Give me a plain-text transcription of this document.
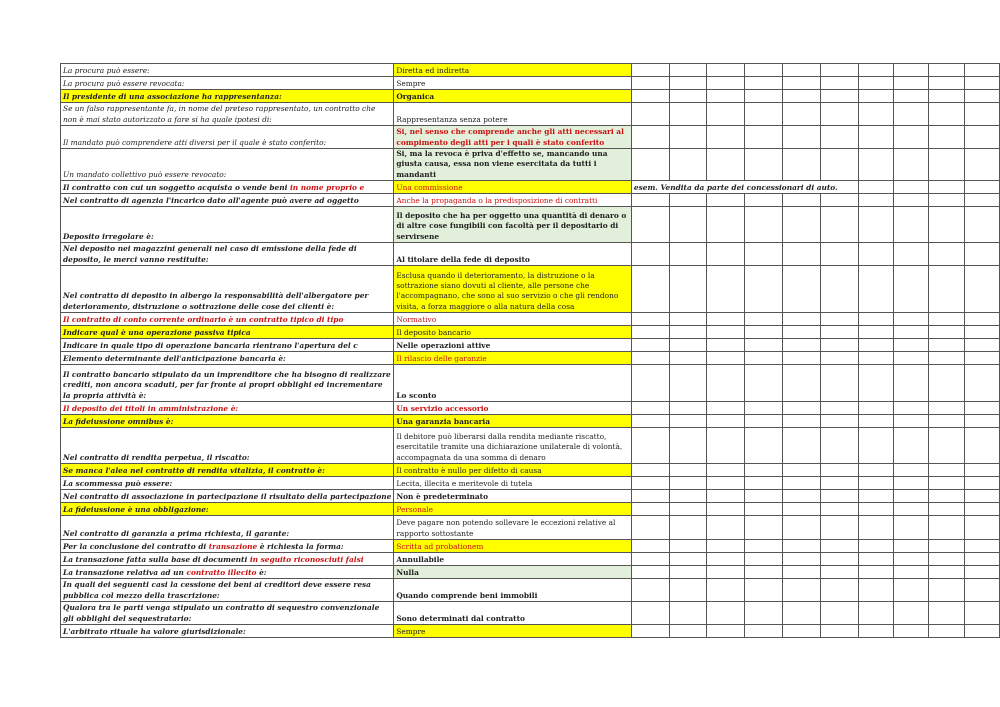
La procura può essere:	Diretta ed indiretta										
La procura può essere revocata:	Sempre										
Il presidente di una associazione ha rappresentanza:	Organica										
Se un falso rappresentante fa, in nome del preteso rappresentato, un contratto che non è mai stato autorizzato a fare si ha quale ipotesi di:	Rappresentanza senza potere										
Il mandato può comprendere atti diversi per il quale è stato conferito:	Si, nel senso che comprende anche gli atti necessari al compimento degli atti per i quali è stato conferito										
Un mandato collettivo può essere revocato:	Si, ma la revoca è priva d'effetto se, mancando una giusta causa, essa non viene esercitata da tutti i mandanti										
Il contratto con cui un soggetto acquista o vende beni in nome proprio e	Una commissione	esem. Vendita da parte dei concessionari di auto.									
Nel contratto di agenzia l'incarico dato all'agente può avere ad oggetto	Anche la propaganda o la predisposizione di contratti										
Deposito irregolare è:	Il deposito che ha per oggetto una quantità di denaro o di altre cose fungibili con facoltà per il depositario di servirsene										
Nel deposito nei magazzini generali nel caso di emissione della fede di deposito, le merci vanno restituite:	Al titolare della fede di deposito										
Nel contratto di deposito in albergo la responsabilità dell'albergatore per deterioramento, distruzione o sottrazione delle cose dei clienti è:	Esclusa quando il deterioramento, la distruzione o la sottrazione siano dovuti al cliente, alle persone che l'accompagnano, che sono al suo servizio o che gli rendono visita, a forza maggiore o alla natura della cosa										
Il contratto di conto corrente ordinario è un contratto tipico di tipo	Normativo										
Indicare qual è una operazione passiva tipica	Il deposito bancario										
Indicare in quale tipo di operazione bancaria rientrano l'apertura del c	Nelle operazioni attive										
Elemento determinante dell'anticipazione bancaria è:	Il rilascio delle garanzie										
Il contratto bancario stipulato da un imprenditore che ha bisogno di realizzare crediti, non ancora scaduti, per far fronte ai propri obblighi ed incrementare la propria attività è:	Lo sconto										
Il deposito dei titoli in amministrazione è:	Un servizio accessorio										
La fideiussione omnibus è:	Una garanzia bancaria										
Nel contratto di rendita perpetua, il riscatto:	Il debitore può liberarsi dalla rendita mediante riscatto, esercitatile tramite una dichiarazione unilaterale di volontà, accompagnata da una somma di denaro										
Se manca l'alea nel contratto di rendita vitalizia, il contratto è:	Il contratto è nullo per difetto di causa										
La scommessa può essere:	Lecita, illecita e meritevole di tutela										
Nel contratto di associazione in partecipazione il risultato della partecipazione	Non è predeterminato										
La fideiussione è una obbligazione:	Personale										
Nel contratto di garanzia a prima richiesta, il garante:	Deve pagare non potendo sollevare le eccezioni relative al rapporto sottostante										
Per la conclusione del contratto di transazione è richiesta la forma:	Scritta ad probationem										
La transazione fatta sulla base di documenti in seguito riconosciuti falsi	Annullabile										
La transazione relativa ad un contratto illecito è:	Nulla										
In quali dei seguenti casi la cessione dei beni ai creditori deve essere resa pubblica col mezzo della trascrizione:	Quando comprende beni immobili										
Qualora tra le parti venga stipulato un contratto di sequestro convenzionale gli obblighi del sequestratario:	Sono determinati dal contratto										
L'arbitrato rituale ha valore giurisdizionale:	Sempre										
